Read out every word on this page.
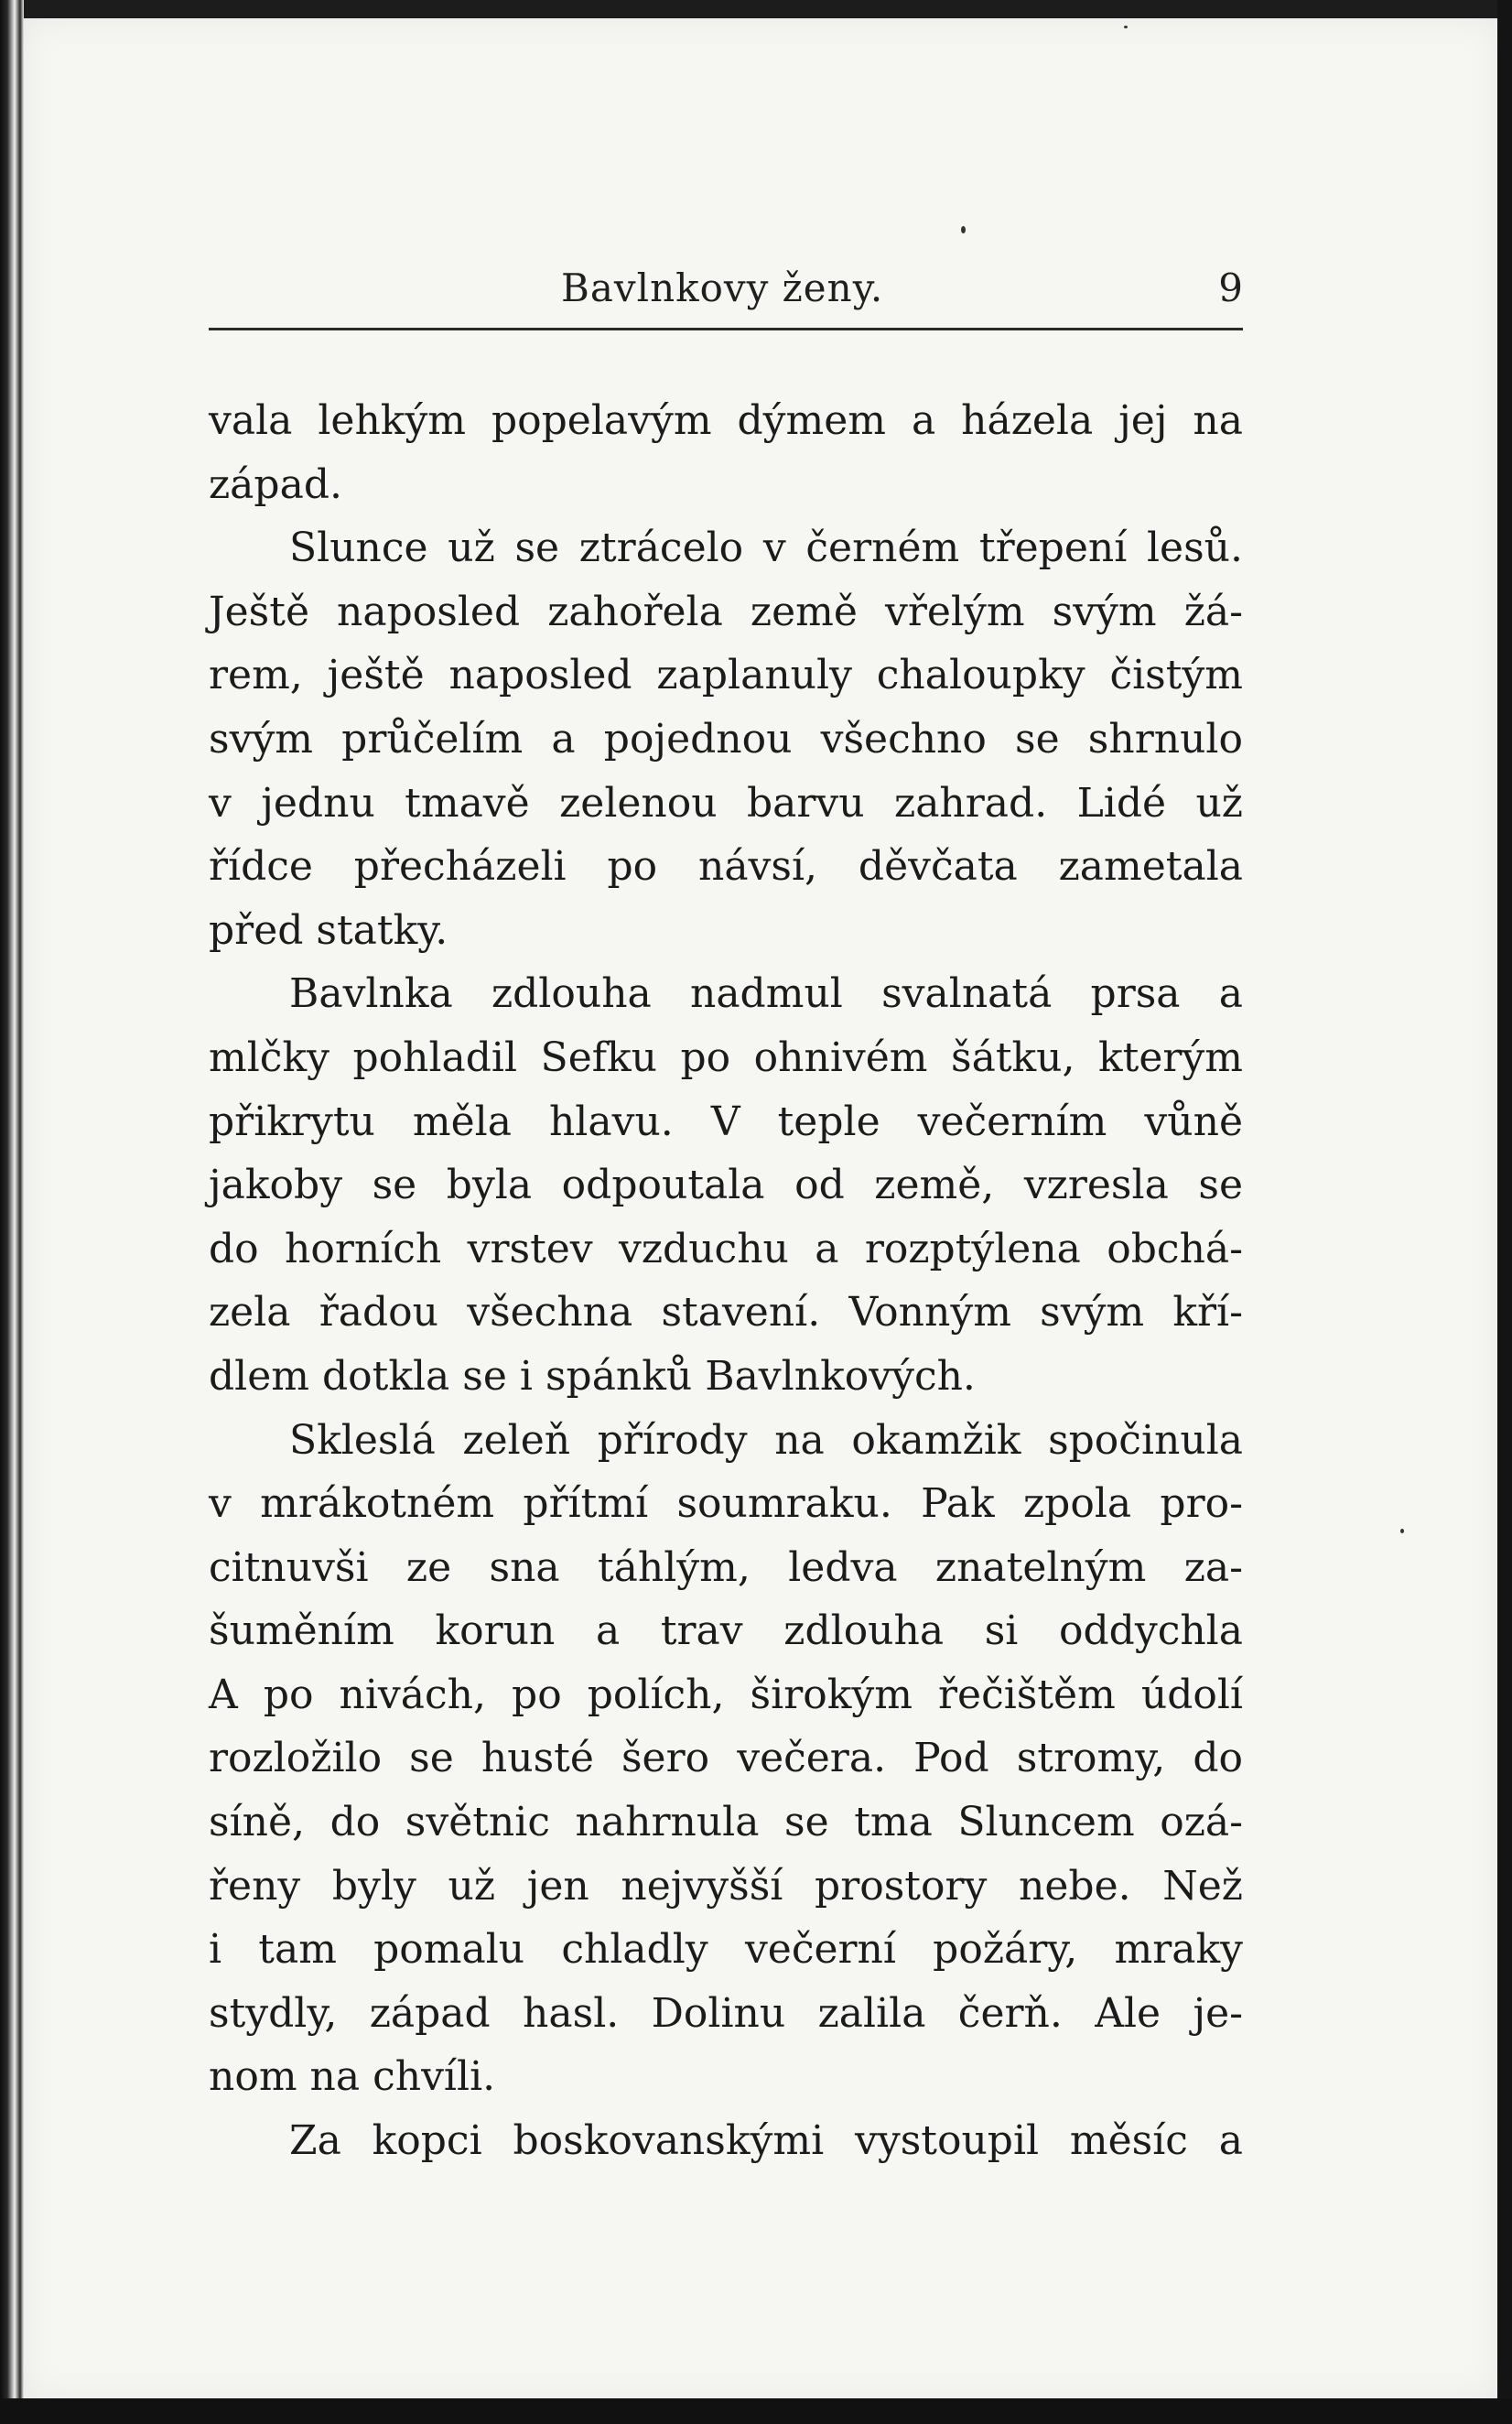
Bavlnkovy ženy.	9
vala lehkým popelavým dýmem a házela jej na
západ.
Slunce už se ztrácelo v černém třepení lesů.
Ještě naposled zahořela země vřelým svým žá-
rem, ještě naposled zaplanuly chaloupky čistým
svým průčelím a pojednou všechno se shrnulo
v jednu tmavě zelenou barvu zahrad. Lidé už
řídce přecházeli po návsí, děvčata zametala
před statky.
Bavlnka zdlouha nadmul svalnatá prsa a
mlčky pohladil Sefku po ohnivém šátku, kterým
přikrytu měla hlavu. V teple večerním vůně
jakoby se byla odpoutala od země, vzresla se
do horních vrstev vzduchu a rozptýlena obchá-
zela řadou všechna stavení. Vonným svým kří-
dlem dotkla se i spánků Bavlnkových.
Skleslá zeleň přírody na okamžik spočinula
v mrákotném přítmí soumraku. Pak zpola pro-
citnuvši ze sna táhlým, ledva znatelným za-
šuměním korun a trav zdlouha si oddychla
A po nivách, po polích, širokým řečištěm údolí
rozložilo se husté šero večera. Pod stromy, do
síně, do světnic nahrnula se tma Sluncem ozá-
řeny byly už jen nejvyšší prostory nebe. Než
i tam pomalu chladly večerní požáry, mraky
stydly, západ hasl. Dolinu zalila čerň. Ale je-
nom na chvíli.
Za kopci boskovanskými vystoupil měsíc a
